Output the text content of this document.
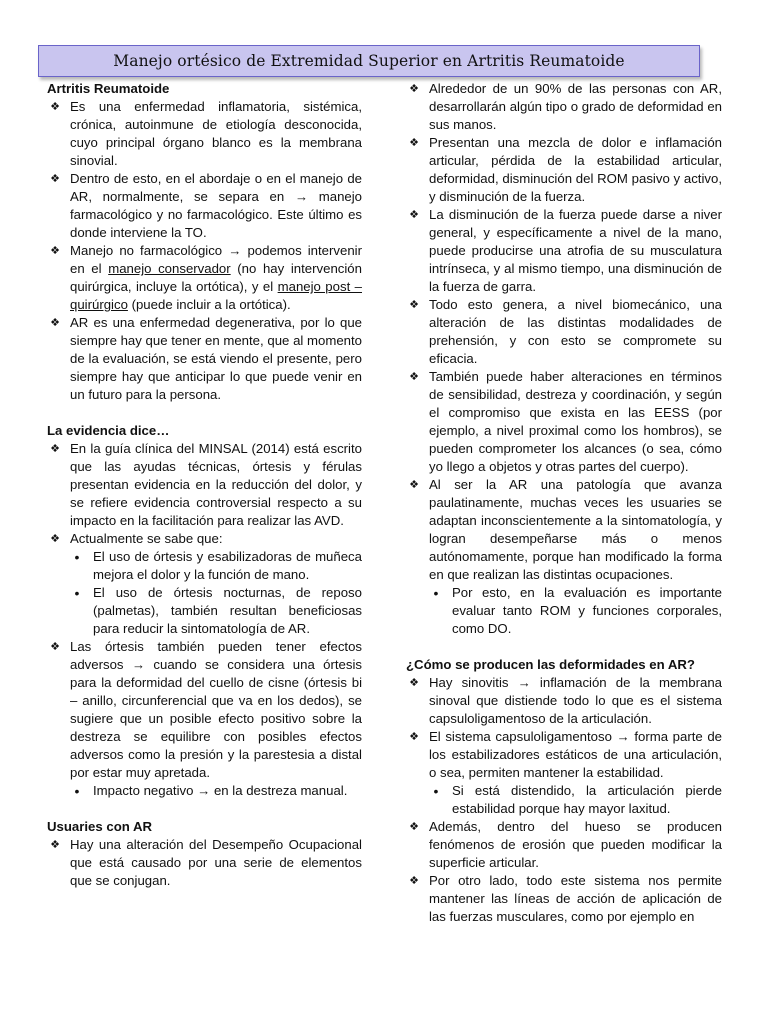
Manejo ortésico de Extremidad Superior en Artritis Reumatoide

Artritis Reumatoide

❖ Es una enfermedad inflamatoria, sistémica, crónica, autoinmune de etiología desconocida, cuyo principal órgano blanco es la membrana sinovial.
❖ Dentro de esto, en el abordaje o en el manejo de AR, normalmente, se separa en → manejo farmacológico y no farmacológico. Este último es donde interviene la TO.
❖ Manejo no farmacológico → podemos intervenir en el manejo conservador (no hay intervención quirúrgica, incluye la ortótica), y el manejo post – quirúrgico (puede incluir a la ortótica).
❖ AR es una enfermedad degenerativa, por lo que siempre hay que tener en mente, que al momento de la evaluación, se está viendo el presente, pero siempre hay que anticipar lo que puede venir en un futuro para la persona.

La evidencia dice…

❖ En la guía clínica del MINSAL (2014) está escrito que las ayudas técnicas, órtesis y férulas presentan evidencia en la reducción del dolor, y se refiere evidencia controversial respecto a su impacto en la facilitación para realizar las AVD.
❖ Actualmente se sabe que:
• El uso de órtesis y esabilizadoras de muñeca mejora el dolor y la función de mano.
• El uso de órtesis nocturnas, de reposo (palmetas), también resultan beneficiosas para reducir la sintomatología de AR.
❖ Las órtesis también pueden tener efectos adversos → cuando se considera una órtesis para la deformidad del cuello de cisne (órtesis bi – anillo, circunferencial que va en los dedos), se sugiere que un posible efecto positivo sobre la destreza se equilibre con posibles efectos adversos como la presión y la parestesia a distal por estar muy apretada.
• Impacto negativo → en la destreza manual.

Usuaries con AR

❖ Hay una alteración del Desempeño Ocupacional que está causado por una serie de elementos que se conjugan.
❖ Alrededor de un 90% de las personas con AR, desarrollarán algún tipo o grado de deformidad en sus manos.
❖ Presentan una mezcla de dolor e inflamación articular, pérdida de la estabilidad articular, deformidad, disminución del ROM pasivo y activo, y disminución de la fuerza.
❖ La disminución de la fuerza puede darse a niver general, y específicamente a nivel de la mano, puede producirse una atrofia de su musculatura intrínseca, y al mismo tiempo, una disminución de la fuerza de garra.
❖ Todo esto genera, a nivel biomecánico, una alteración de las distintas modalidades de prehensión, y con esto se compromete su eficacia.
❖ También puede haber alteraciones en términos de sensibilidad, destreza y coordinación, y según el compromiso que exista en las EESS (por ejemplo, a nivel proximal como los hombros), se pueden comprometer los alcances (o sea, cómo yo llego a objetos y otras partes del cuerpo).
❖ Al ser la AR una patología que avanza paulatinamente, muchas veces les usuaries se adaptan inconscientemente a la sintomatología, y logran desempeñarse más o menos autónomamente, porque han modificado la forma en que realizan las distintas ocupaciones.
• Por esto, en la evaluación es importante evaluar tanto ROM y funciones corporales, como DO.

¿Cómo se producen las deformidades en AR?

❖ Hay sinovitis → inflamación de la membrana sinoval que distiende todo lo que es el sistema capsuloligamentoso de la articulación.
❖ El sistema capsuloligamentoso → forma parte de los estabilizadores estáticos de una articulación, o sea, permiten mantener la estabilidad.
• Si está distendido, la articulación pierde estabilidad porque hay mayor laxitud.
❖ Además, dentro del hueso se producen fenómenos de erosión que pueden modificar la superficie articular.
❖ Por otro lado, todo este sistema nos permite mantener las líneas de acción de aplicación de las fuerzas musculares, como por ejemplo en
